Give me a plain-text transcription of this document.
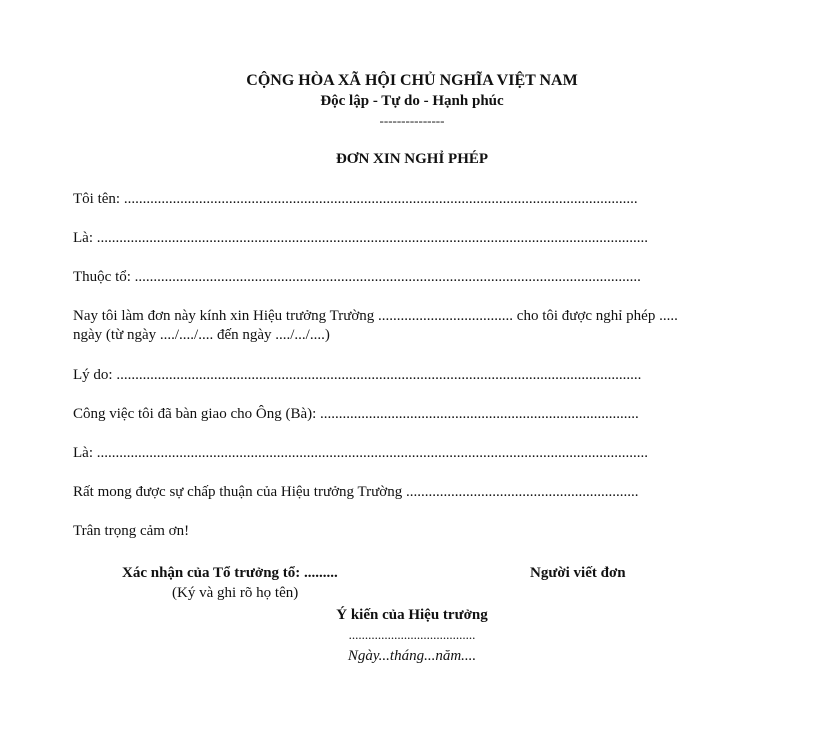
CỘNG HÒA XÃ HỘI CHỦ NGHĨA VIỆT NAM
Độc lập - Tự do - Hạnh phúc
---------------
ĐƠN XIN NGHỈ PHÉP
Tôi tên: .........................................................................................................................................
Là: ...................................................................................................................................................
Thuộc tổ: .......................................................................................................................................
Nay tôi làm đơn này kính xin Hiệu trưởng Trường .................................... cho tôi được nghỉ phép .....
ngày (từ ngày ..../..../.... đến ngày ..../.../....)
Lý do: ............................................................................................................................................
Công việc tôi đã bàn giao cho Ông (Bà): .....................................................................................
Là: ...................................................................................................................................................
Rất mong được sự chấp thuận của Hiệu trưởng Trường ..............................................................
Trân trọng cảm ơn!
Xác nhận của Tổ trưởng tổ: .........
(Ký và ghi rõ họ tên)
Người viết đơn
Ý kiến của Hiệu trưởng
.......................................
Ngày...tháng...năm....
